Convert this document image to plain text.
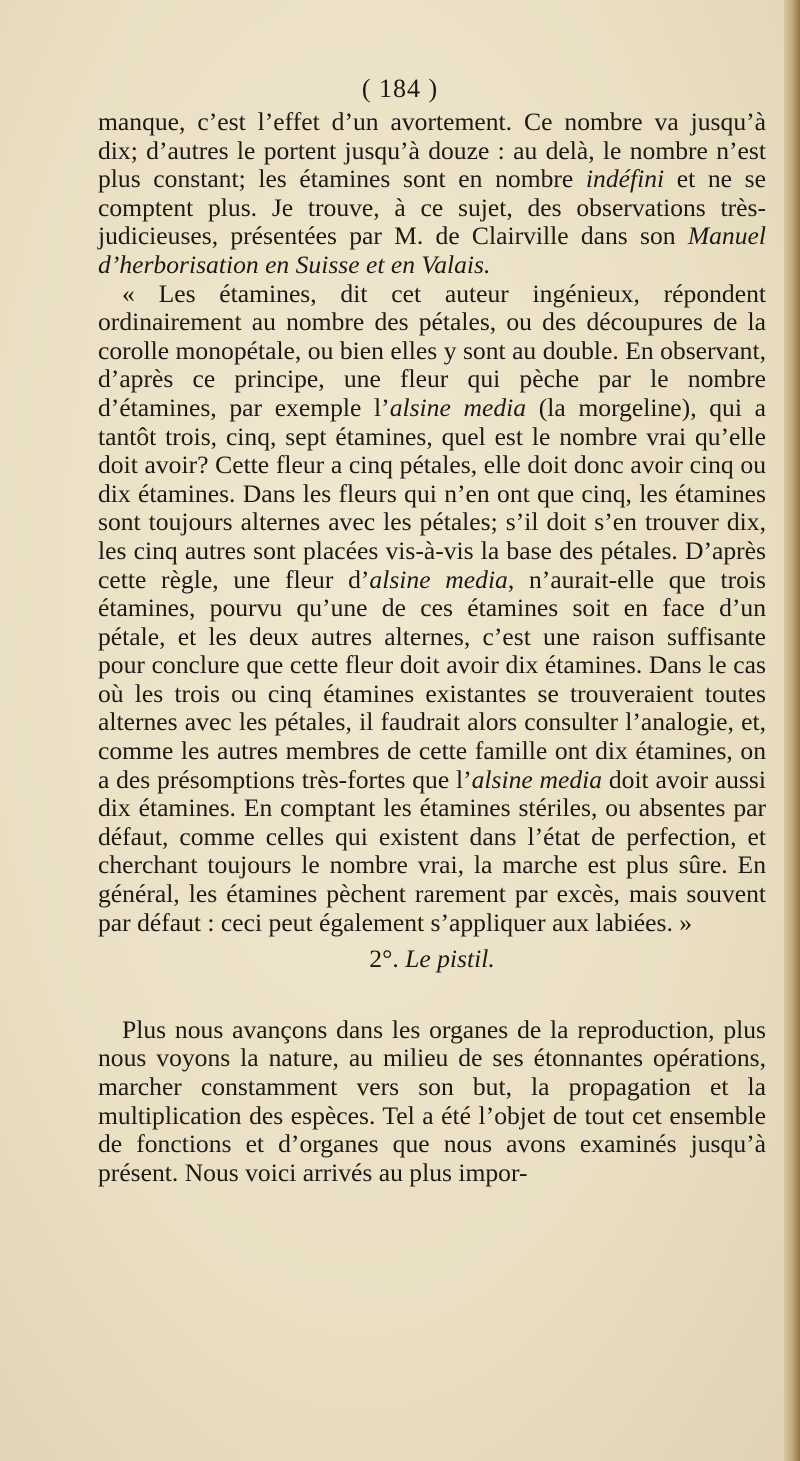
( 184 )

manque, c’est l’effet d’un avortement. Ce nombre va jusqu’à dix; d’autres le portent jusqu’à douze : au delà, le nombre n’est plus constant; les étamines sont en nombre indéfini et ne se comptent plus. Je trouve, à ce sujet, des observations très-judicieuses, présentées par M. de Clairville dans son Manuel d’herborisation en Suisse et en Valais.

« Les étamines, dit cet auteur ingénieux, répondent ordinairement au nombre des pétales, ou des découpures de la corolle monopétale, ou bien elles y sont au double. En observant, d’après ce principe, une fleur qui pèche par le nombre d’étamines, par exemple l’alsine media (la morgeline), qui a tantôt trois, cinq, sept étamines, quel est le nombre vrai qu’elle doit avoir? Cette fleur a cinq pétales, elle doit donc avoir cinq ou dix étamines. Dans les fleurs qui n’en ont que cinq, les étamines sont toujours alternes avec les pétales; s’il doit s’en trouver dix, les cinq autres sont placées vis-à-vis la base des pétales. D’après cette règle, une fleur d’alsine media, n’aurait-elle que trois étamines, pourvu qu’une de ces étamines soit en face d’un pétale, et les deux autres alternes, c’est une raison suffisante pour conclure que cette fleur doit avoir dix étamines. Dans le cas où les trois ou cinq étamines existantes se trouveraient toutes alternes avec les pétales, il faudrait alors consulter l’analogie, et, comme les autres membres de cette famille ont dix étamines, on a des présomptions très-fortes que l’alsine media doit avoir aussi dix étamines. En comptant les étamines stériles, ou absentes par défaut, comme celles qui existent dans l’état de perfection, et cherchant toujours le nombre vrai, la marche est plus sûre. En général, les étamines pèchent rarement par excès, mais souvent par défaut : ceci peut également s’appliquer aux labiées. »

2°. Le pistil.

Plus nous avançons dans les organes de la reproduction, plus nous voyons la nature, au milieu de ses étonnantes opérations, marcher constamment vers son but, la propagation et la multiplication des espèces. Tel a été l’objet de tout cet ensemble de fonctions et d’organes que nous avons examinés jusqu’à présent. Nous voici arrivés au plus impor-
